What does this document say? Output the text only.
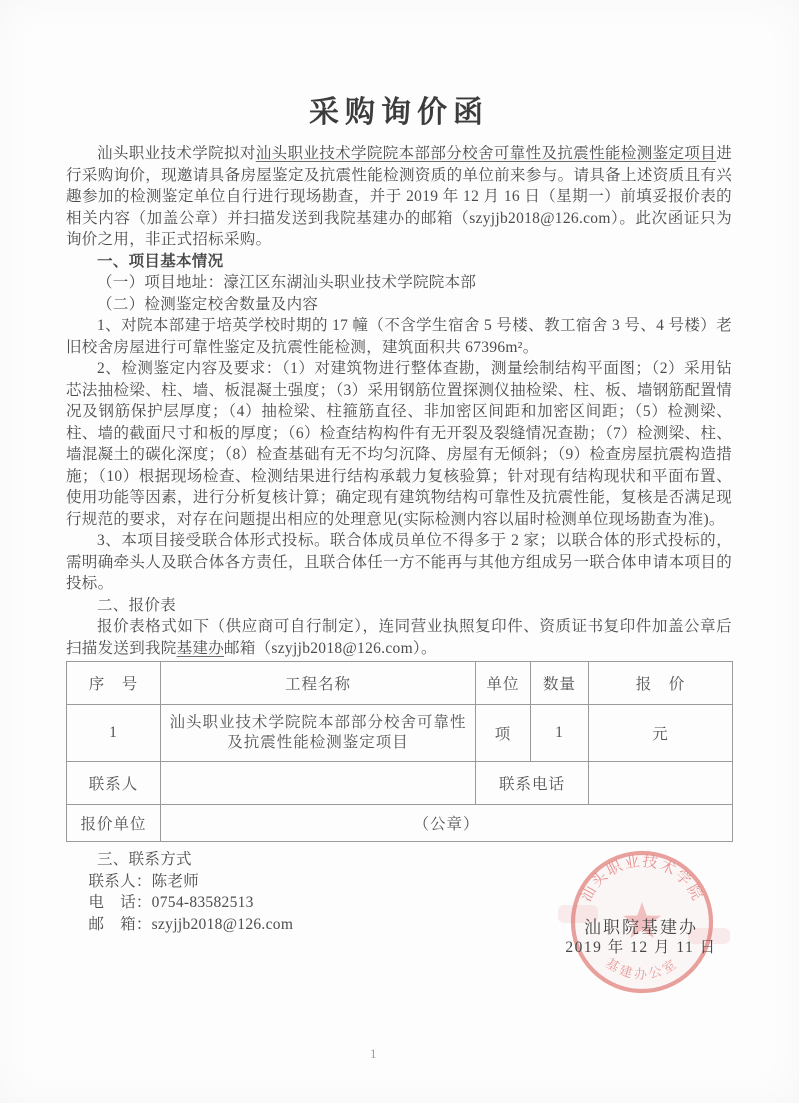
采购询价函

汕头职业技术学院拟对汕头职业技术学院院本部部分校舍可靠性及抗震性能检测鉴定项目进行采购询价，现邀请具备房屋鉴定及抗震性能检测资质的单位前来参与。请具备上述资质且有兴趣参加的检测鉴定单位自行进行现场勘查，并于 2019 年 12 月 16 日（星期一）前填妥报价表的相关内容（加盖公章）并扫描发送到我院基建办的邮箱（szyjjb2018@126.com）。此次函证只为询价之用，非正式招标采购。

一、项目基本情况

（一）项目地址：濠江区东湖汕头职业技术学院院本部

（二）检测鉴定校舍数量及内容

1、对院本部建于培英学校时期的 17 幢（不含学生宿舍 5 号楼、教工宿舍 3 号、4 号楼）老旧校舍房屋进行可靠性鉴定及抗震性能检测，建筑面积共 67396m²。

2、检测鉴定内容及要求：（1）对建筑物进行整体查勘，测量绘制结构平面图；（2）采用钻芯法抽检梁、柱、墙、板混凝土强度；（3）采用钢筋位置探测仪抽检梁、柱、板、墙钢筋配置情况及钢筋保护层厚度；（4）抽检梁、柱箍筋直径、非加密区间距和加密区间距；（5）检测梁、柱、墙的截面尺寸和板的厚度；（6）检查结构构件有无开裂及裂缝情况查勘；（7）检测梁、柱、墙混凝土的碳化深度；（8）检查基础有无不均匀沉降、房屋有无倾斜；（9）检查房屋抗震构造措施；（10）根据现场检查、检测结果进行结构承载力复核验算；针对现有结构现状和平面布置、使用功能等因素，进行分析复核计算；确定现有建筑物结构可靠性及抗震性能，复核是否满足现行规范的要求，对存在问题提出相应的处理意见(实际检测内容以届时检测单位现场勘查为准)。

3、本项目接受联合体形式投标。联合体成员单位不得多于 2 家；以联合体的形式投标的，需明确牵头人及联合体各方责任，且联合体任一方不能再与其他方组成另一联合体申请本项目的投标。

二、报价表

报价表格式如下（供应商可自行制定），连同营业执照复印件、资质证书复印件加盖公章后扫描发送到我院基建办邮箱（szyjjb2018@126.com）。

序　号	工程名称	单位	数量	报　价
1	汕头职业技术学院院本部部分校舍可靠性及抗震性能检测鉴定项目	项	1	元
联系人		联系电话		
报价单位	（公章）			

三、联系方式

联系人：陈老师

电　话：0754-83582513

邮　箱：szyjjb2018@126.com

汕头职业技术学院
基建办公室
汕职院基建办
2019 年 12 月 11 日
1
